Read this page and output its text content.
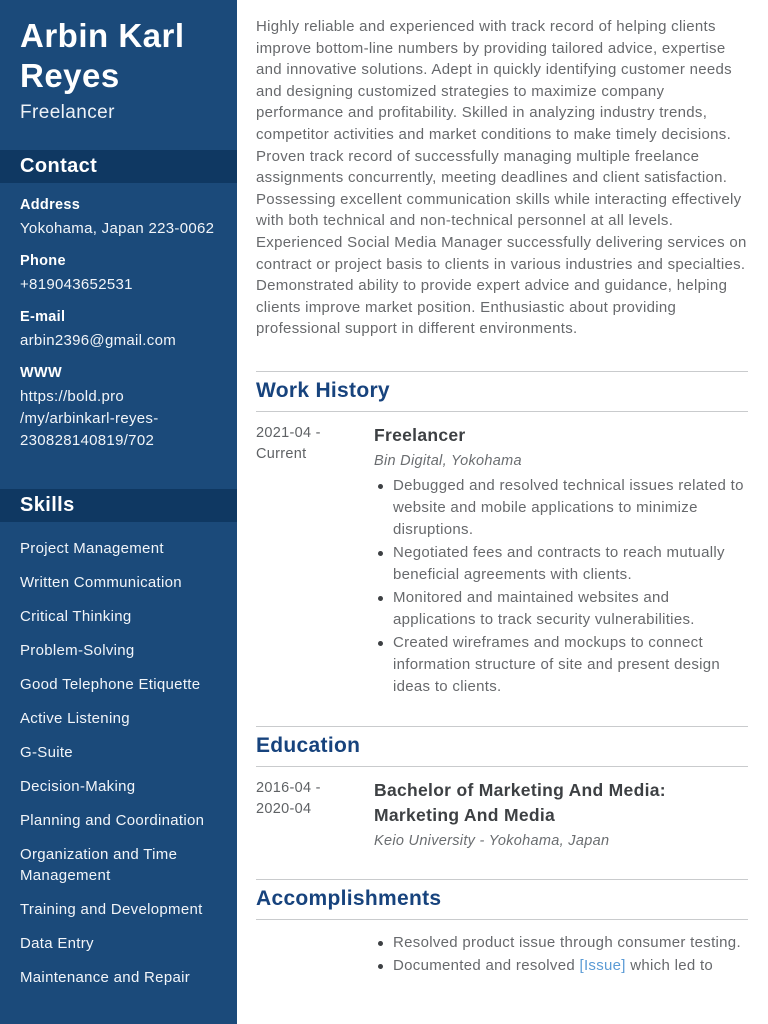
Arbin Karl Reyes
Freelancer
Contact
Address
Yokohama, Japan 223-0062
Phone
+819043652531
E-mail
arbin2396@gmail.com
WWW
https://bold.pro
/my/arbinkarl-reyes-
230828140819/702
Skills
Project Management
Written Communication
Critical Thinking
Problem-Solving
Good Telephone Etiquette
Active Listening
G-Suite
Decision-Making
Planning and Coordination
Organization and Time Management
Training and Development
Data Entry
Maintenance and Repair

Highly reliable and experienced with track record of helping clients improve bottom-line numbers by providing tailored advice, expertise and innovative solutions. Adept in quickly identifying customer needs and designing customized strategies to maximize company performance and profitability. Skilled in analyzing industry trends, competitor activities and market conditions to make timely decisions. Proven track record of successfully managing multiple freelance assignments concurrently, meeting deadlines and client satisfaction. Possessing excellent communication skills while interacting effectively with both technical and non-technical personnel at all levels. Experienced Social Media Manager successfully delivering services on contract or project basis to clients in various industries and specialties. Demonstrated ability to provide expert advice and guidance, helping clients improve market position. Enthusiastic about providing professional support in different environments.

Work History
2021-04 -
Current
Freelancer
Bin Digital, Yokohama
Debugged and resolved technical issues related to website and mobile applications to minimize disruptions.
Negotiated fees and contracts to reach mutually beneficial agreements with clients.
Monitored and maintained websites and applications to track security vulnerabilities.
Created wireframes and mockups to connect information structure of site and present design ideas to clients.
Education
2016-04 -
2020-04
Bachelor of Marketing And Media: Marketing And Media
Keio University - Yokohama, Japan
Accomplishments
Resolved product issue through consumer testing.
Documented and resolved [Issue] which led to
